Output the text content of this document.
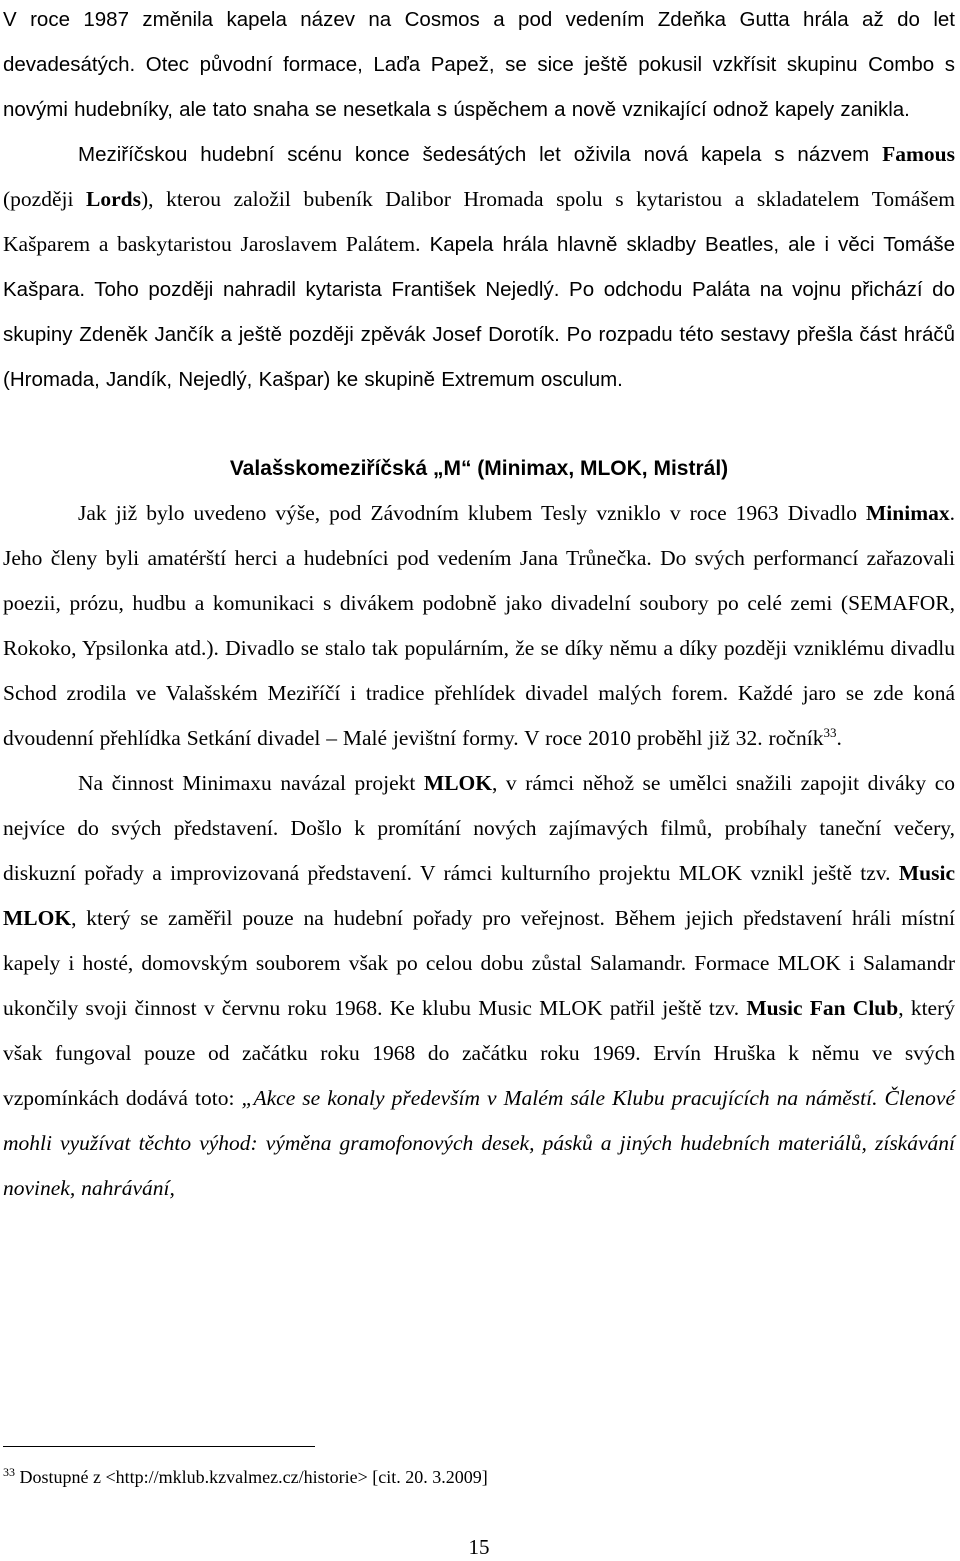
V roce 1987 změnila kapela název na Cosmos a pod vedením Zdeňka Gutta hrála až do let devadesátých. Otec původní formace, Laďa Papež, se sice ještě pokusil vzkřísit skupinu Combo s novými hudebníky, ale tato snaha se nesetkala s úspěchem a nově vznikající odnož kapely zanikla.

Meziříčskou hudební scénu konce šedesátých let oživila nová kapela s názvem Famous (později Lords), kterou založil bubeník Dalibor Hromada spolu s kytaristou a skladatelem Tomášem Kašparem a baskytaristou Jaroslavem Palátem. Kapela hrála hlavně skladby Beatles, ale i věci Tomáše Kašpara. Toho později nahradil kytarista František Nejedlý. Po odchodu Paláta na vojnu přichází do skupiny Zdeněk Jančík a ještě později zpěvák Josef Dorotík. Po rozpadu této sestavy přešla část hráčů (Hromada, Jandík, Nejedlý, Kašpar) ke skupině Extremum osculum.

Valašskomeziříčská „M“ (Minimax, MLOK, Mistrál)

Jak již bylo uvedeno výše, pod Závodním klubem Tesly vzniklo v roce 1963 Divadlo Minimax. Jeho členy byli amatérští herci a hudebníci pod vedením Jana Trůnečka. Do svých performancí zařazovali poezii, prózu, hudbu a komunikaci s divákem podobně jako divadelní soubory po celé zemi (SEMAFOR, Rokoko, Ypsilonka atd.). Divadlo se stalo tak populárním, že se díky němu a díky později vzniklému divadlu Schod zrodila ve Valašském Meziříčí i tradice přehlídek divadel malých forem. Každé jaro se zde koná dvoudenní přehlídka Setkání divadel – Malé jevištní formy. V roce 2010 proběhl již 32. ročník$^{33}$.

Na činnost Minimaxu navázal projekt MLOK, v rámci něhož se umělci snažili zapojit diváky co nejvíce do svých představení. Došlo k promítání nových zajímavých filmů, probíhaly taneční večery, diskuzní pořady a improvizovaná představení. V rámci kulturního projektu MLOK vznikl ještě tzv. Music MLOK, který se zaměřil pouze na hudební pořady pro veřejnost. Během jejich představení hráli místní kapely i hosté, domovským souborem však po celou dobu zůstal Salamandr. Formace MLOK i Salamandr ukončily svoji činnost v červnu roku 1968. Ke klubu Music MLOK patřil ještě tzv. Music Fan Club, který však fungoval pouze od začátku roku 1968 do začátku roku 1969. Ervín Hruška k němu ve svých vzpomínkách dodává toto: „Akce se konaly především v Malém sále Klubu pracujících na náměstí. Členové mohli využívat těchto výhod: výměna gramofonových desek, pásků a jiných hudebních materiálů, získávání novinek, nahrávání,

$^{33}$ Dostupné z <http://mklub.kzvalmez.cz/historie> [cit. 20. 3.2009]
15
